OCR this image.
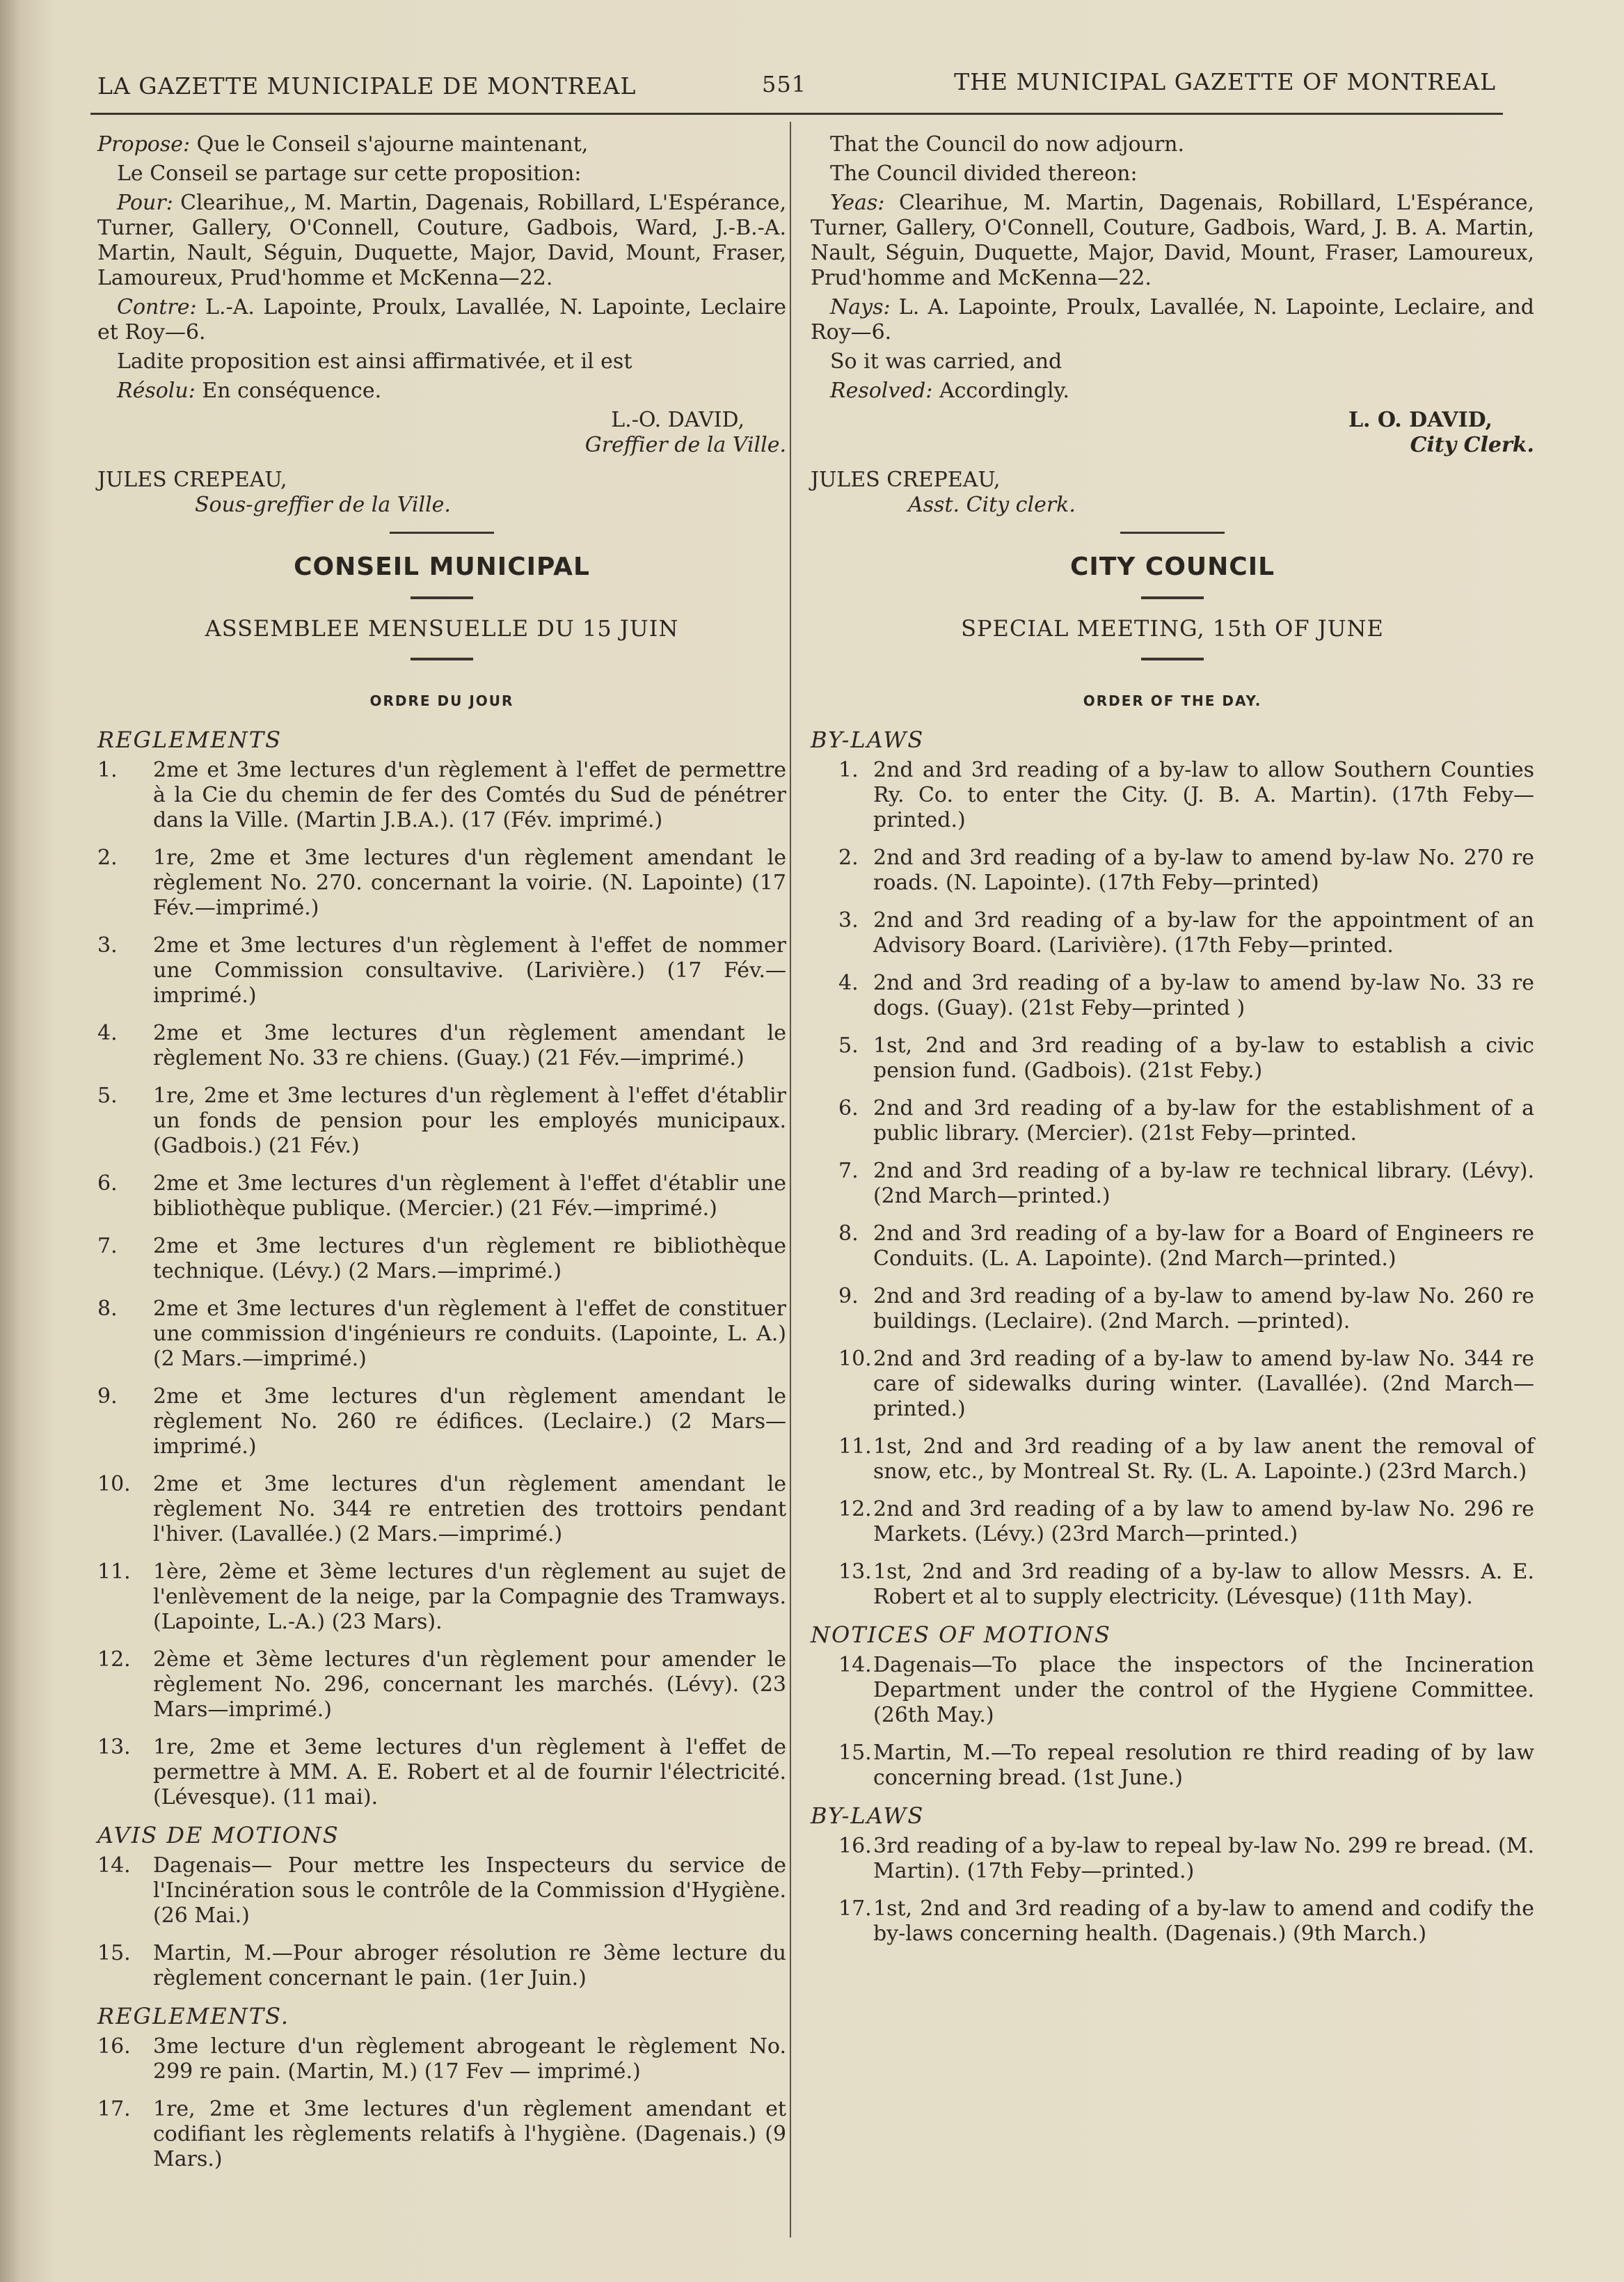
LA GAZETTE MUNICIPALE DE MONTREAL	551	THE MUNICIPAL GAZETTE OF MONTREAL

Propose: Que le Conseil s'ajourne maintenant,

Le Conseil se partage sur cette proposition:

Pour: Clearihue,, M. Martin, Dagenais, Robillard, L'Espérance, Turner, Gallery, O'Connell, Couture, Gadbois, Ward, J.-B.-A. Martin, Nault, Séguin, Duquette, Major, David, Mount, Fraser, Lamoureux, Prud'homme et McKenna—22.

Contre: L.-A. Lapointe, Proulx, Lavallée, N. Lapointe, Leclaire et Roy—6.

Ladite proposition est ainsi affirmativée, et il est

Résolu: En conséquence.

L.-O. DAVID,
Greffier de la Ville.
JULES CREPEAU,
Sous-greffier de la Ville.
CONSEIL MUNICIPAL
ASSEMBLEE MENSUELLE DU 15 JUIN
ORDRE DU JOUR
REGLEMENTS
1. 2me et 3me lectures d'un règlement à l'effet de permettre à la Cie du chemin de fer des Comtés du Sud de pénétrer dans la Ville. (Martin J.B.A.). (17 (Fév. imprimé.)
2. 1re, 2me et 3me lectures d'un règlement amendant le règlement No. 270. concernant la voirie. (N. Lapointe) (17 Fév.—imprimé.)
3. 2me et 3me lectures d'un règlement à l'effet de nommer une Commission consultavive. (Larivière.) (17 Fév.—imprimé.)
4. 2me et 3me lectures d'un règlement amendant le règlement No. 33 re chiens. (Guay.) (21 Fév.—imprimé.)
5. 1re, 2me et 3me lectures d'un règlement à l'effet d'établir un fonds de pension pour les employés municipaux. (Gadbois.) (21 Fév.)
6. 2me et 3me lectures d'un règlement à l'effet d'établir une bibliothèque publique. (Mercier.) (21 Fév.—imprimé.)
7. 2me et 3me lectures d'un règlement re bibliothèque technique. (Lévy.) (2 Mars.—imprimé.)
8. 2me et 3me lectures d'un règlement à l'effet de constituer une commission d'ingénieurs re conduits. (Lapointe, L. A.) (2 Mars.—imprimé.)
9. 2me et 3me lectures d'un règlement amendant le règlement No. 260 re édifices. (Leclaire.) (2 Mars—imprimé.)
10. 2me et 3me lectures d'un règlement amendant le règlement No. 344 re entretien des trottoirs pendant l'hiver. (Lavallée.) (2 Mars.—imprimé.)
11. 1ère, 2ème et 3ème lectures d'un règlement au sujet de l'enlèvement de la neige, par la Compagnie des Tramways. (Lapointe, L.-A.) (23 Mars).
12. 2ème et 3ème lectures d'un règlement pour amender le règlement No. 296, concernant les marchés. (Lévy). (23 Mars—imprimé.)
13. 1re, 2me et 3eme lectures d'un règlement à l'effet de permettre à MM. A. E. Robert et al de fournir l'électricité. (Lévesque). (11 mai).
AVIS DE MOTIONS
14. Dagenais— Pour mettre les Inspecteurs du service de l'Incinération sous le contrôle de la Commission d'Hygiène. (26 Mai.)
15. Martin, M.—Pour abroger résolution re 3ème lecture du règlement concernant le pain. (1er Juin.)
REGLEMENTS.
16. 3me lecture d'un règlement abrogeant le règlement No. 299 re pain. (Martin, M.) (17 Fev — imprimé.)
17. 1re, 2me et 3me lectures d'un règlement amendant et codifiant les règlements relatifs à l'hygiène. (Dagenais.) (9 Mars.)

That the Council do now adjourn.

The Council divided thereon:

Yeas: Clearihue, M. Martin, Dagenais, Robillard, L'Espérance, Turner, Gallery, O'Connell, Couture, Gadbois, Ward, J. B. A. Martin, Nault, Séguin, Duquette, Major, David, Mount, Fraser, Lamoureux, Prud'homme and McKenna—22.

Nays: L. A. Lapointe, Proulx, Lavallée, N. Lapointe, Leclaire, and Roy—6.

So it was carried, and

Resolved: Accordingly.

L. O. DAVID,
City Clerk.
JULES CREPEAU,
Asst. City clerk.
CITY COUNCIL
SPECIAL MEETING, 15th OF JUNE
ORDER OF THE DAY.
BY-LAWS
1. 2nd and 3rd reading of a by-law to allow Southern Counties Ry. Co. to enter the City. (J. B. A. Martin). (17th Feby—printed.)
2. 2nd and 3rd reading of a by-law to amend by-law No. 270 re roads. (N. Lapointe). (17th Feby—printed)
3. 2nd and 3rd reading of a by-law for the appointment of an Advisory Board. (Larivière). (17th Feby—printed.
4. 2nd and 3rd reading of a by-law to amend by-law No. 33 re dogs. (Guay). (21st Feby—printed )
5. 1st, 2nd and 3rd reading of a by-law to establish a civic pension fund. (Gadbois). (21st Feby.)
6. 2nd and 3rd reading of a by-law for the establishment of a public library. (Mercier). (21st Feby—printed.
7. 2nd and 3rd reading of a by-law re technical library. (Lévy). (2nd March—printed.)
8. 2nd and 3rd reading of a by-law for a Board of Engineers re Conduits. (L. A. Lapointe). (2nd March—printed.)
9. 2nd and 3rd reading of a by-law to amend by-law No. 260 re buildings. (Leclaire). (2nd March. —printed).
10. 2nd and 3rd reading of a by-law to amend by-law No. 344 re care of sidewalks during winter. (Lavallée). (2nd March—printed.)
11. 1st, 2nd and 3rd reading of a by law anent the removal of snow, etc., by Montreal St. Ry. (L. A. Lapointe.) (23rd March.)
12. 2nd and 3rd reading of a by law to amend by-law No. 296 re Markets. (Lévy.) (23rd March—printed.)
13. 1st, 2nd and 3rd reading of a by-law to allow Messrs. A. E. Robert et al to supply electricity. (Lévesque) (11th May).
NOTICES OF MOTIONS
14. Dagenais—To place the inspectors of the Incineration Department under the control of the Hygiene Committee. (26th May.)
15. Martin, M.—To repeal resolution re third reading of by law concerning bread. (1st June.)
BY-LAWS
16. 3rd reading of a by-law to repeal by-law No. 299 re bread. (M. Martin). (17th Feby—printed.)
17. 1st, 2nd and 3rd reading of a by-law to amend and codify the by-laws concerning health. (Dagenais.) (9th March.)
